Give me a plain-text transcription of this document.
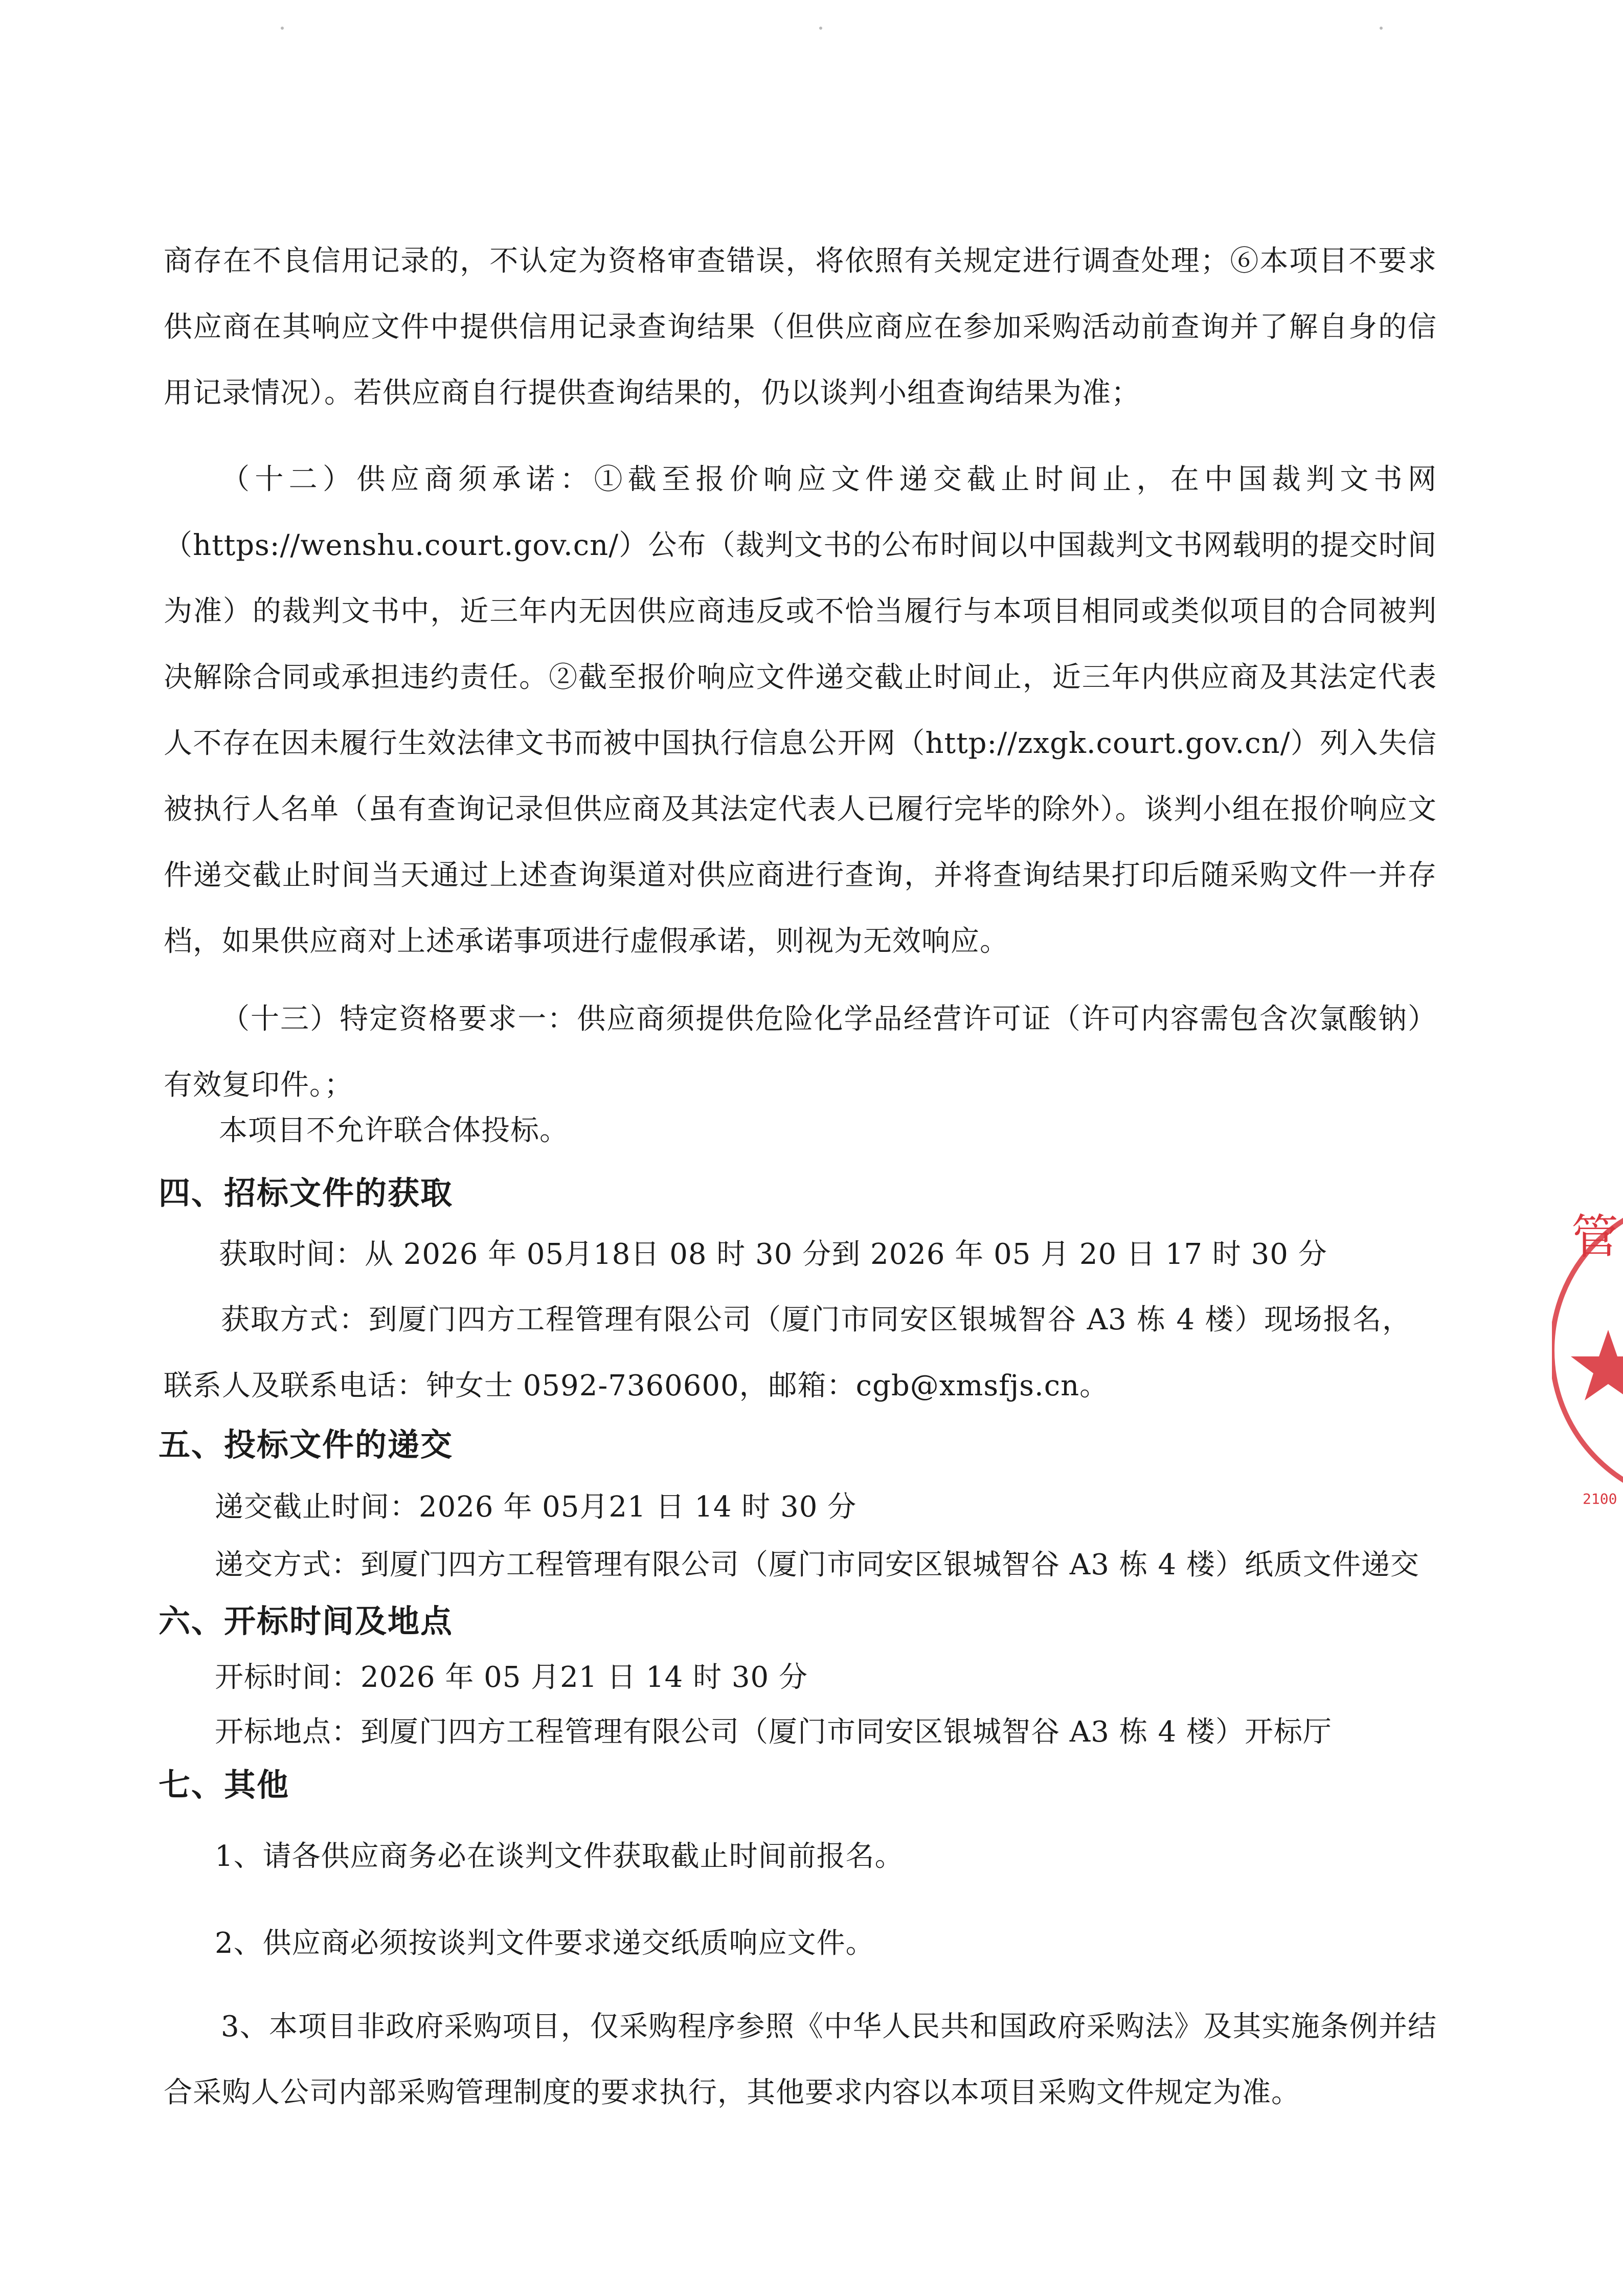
商存在不良信用记录的，不认定为资格审查错误，将依照有关规定进行调查处理；⑥本项目不要求供应商在其响应文件中提供信用记录查询结果（但供应商应在参加采购活动前查询并了解自身的信用记录情况）。若供应商自行提供查询结果的，仍以谈判小组查询结果为准；

（十二）供应商须承诺：①截至报价响应文件递交截止时间止，在中国裁判文书网（https://wenshu.court.gov.cn/）公布（裁判文书的公布时间以中国裁判文书网载明的提交时间为准）的裁判文书中，近三年内无因供应商违反或不恰当履行与本项目相同或类似项目的合同被判决解除合同或承担违约责任。②截至报价响应文件递交截止时间止，近三年内供应商及其法定代表人不存在因未履行生效法律文书而被中国执行信息公开网（http://zxgk.court.gov.cn/）列入失信被执行人名单（虽有查询记录但供应商及其法定代表人已履行完毕的除外）。谈判小组在报价响应文件递交截止时间当天通过上述查询渠道对供应商进行查询，并将查询结果打印后随采购文件一并存档，如果供应商对上述承诺事项进行虚假承诺，则视为无效响应。

（十三）特定资格要求一：供应商须提供危险化学品经营许可证（许可内容需包含次氯酸钠）有效复印件。；

本项目不允许联合体投标。

四、招标文件的获取

获取时间：从 2026 年 05月18日 08 时 30 分到 2026 年 05 月 20 日 17 时 30 分

获取方式：到厦门四方工程管理有限公司（厦门市同安区银城智谷 A3 栋 4 楼）现场报名，联系人及联系电话：钟女士 0592-7360600，邮箱：cgb@xmsfjs.cn。

五、投标文件的递交

递交截止时间：2026 年 05月21 日 14 时 30 分

递交方式：到厦门四方工程管理有限公司（厦门市同安区银城智谷 A3 栋 4 楼）纸质文件递交

六、开标时间及地点

开标时间：2026 年 05 月21 日 14 时 30 分

开标地点：到厦门四方工程管理有限公司（厦门市同安区银城智谷 A3 栋 4 楼）开标厅

七、其他

1、请各供应商务必在谈判文件获取截止时间前报名。

2、供应商必须按谈判文件要求递交纸质响应文件。

3、本项目非政府采购项目，仅采购程序参照《中华人民共和国政府采购法》及其实施条例并结合采购人公司内部采购管理制度的要求执行，其他要求内容以本项目采购文件规定为准。

管
2100
